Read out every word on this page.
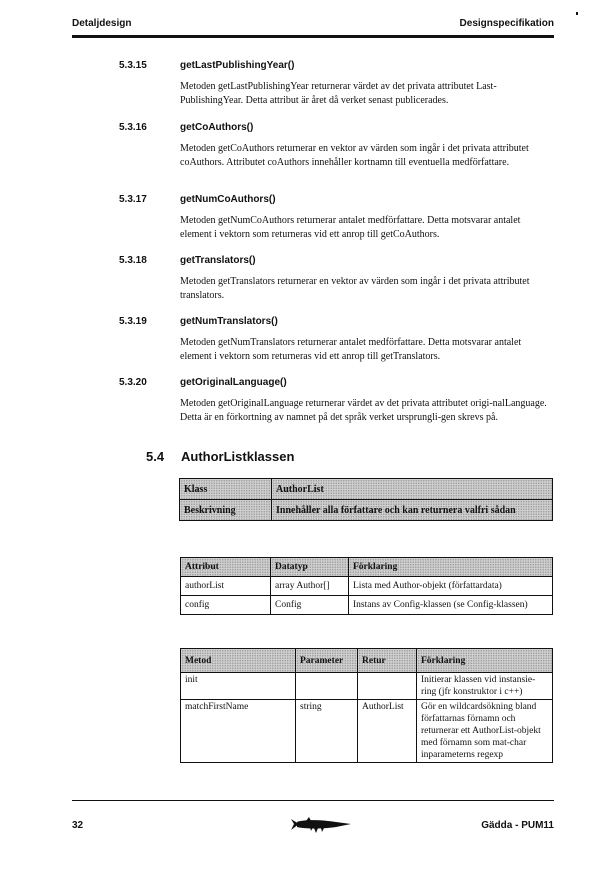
Detaljdesign	Designspecifikation
5.3.15	getLastPublishingYear()

Metoden getLastPublishingYear returnerar värdet av det privata attributet Last-PublishingYear. Detta attribut är året då verket senast publicerades.

5.3.16	getCoAuthors()

Metoden getCoAuthors returnerar en vektor av värden som ingår i det privata attributet coAuthors. Attributet coAuthors innehåller kortnamn till eventuella medförfattare.

5.3.17	getNumCoAuthors()

Metoden getNumCoAuthors returnerar antalet medförfattare. Detta motsvarar antalet element i vektorn som returneras vid ett anrop till getCoAuthors.

5.3.18	getTranslators()

Metoden getTranslators returnerar en vektor av värden som ingår i det privata attributet translators.

5.3.19	getNumTranslators()

Metoden getNumTranslators returnerar antalet medförfattare. Detta motsvarar antalet element i vektorn som returneras vid ett anrop till getTranslators.

5.3.20	getOriginalLanguage()

Metoden getOriginalLanguage returnerar värdet av det privata attributet origi-nalLanguage. Detta är en förkortning av namnet på det språk verket ursprungli-gen skrevs på.

5.4 AuthorListklassen
Klass	AuthorList
Beskrivning	Innehåller alla författare och kan returnera valfri sådan
Attribut	Datatyp	Förklaring
authorList	array Author[]	Lista med Author-objekt (författardata)
config	Config	Instans av Config-klassen (se Config-klassen)
Metod	Parameter	Retur	Förklaring
init			Initierar klassen vid instansie-ring (jfr konstruktor i c++)
matchFirstName	string	AuthorList	Gör en wildcardsökning bland författarnas förnamn och returnerar ett AuthorList-objekt med förnamn som mat-char inparameterns regexp
32	Gädda - PUM11
